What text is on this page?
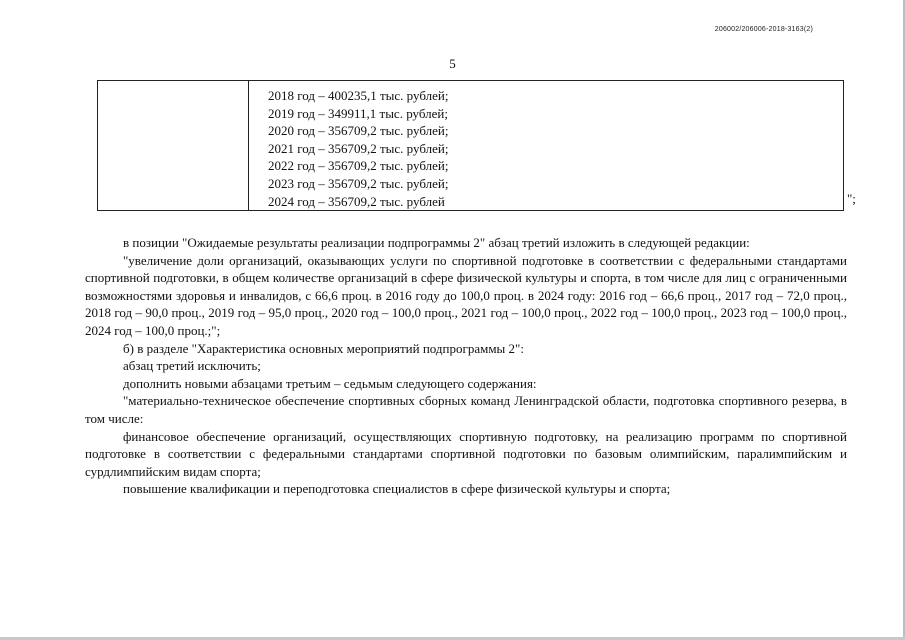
206002/206006-2018-3163(2)
5
2018 год – 400235,1 тыс. рублей;
2019 год – 349911,1 тыс. рублей;
2020 год – 356709,2 тыс. рублей;
2021 год – 356709,2 тыс. рублей;
2022 год – 356709,2 тыс. рублей;
2023 год – 356709,2 тыс. рублей;
2024 год – 356709,2 тыс. рублей	";

в позиции "Ожидаемые результаты реализации подпрограммы 2" абзац третий изложить в следующей редакции:

"увеличение доли организаций, оказывающих услуги по спортивной подготовке в соответствии с федеральными стандартами спортивной подготовки, в общем количестве организаций в сфере физической культуры и спорта, в том числе для лиц с ограниченными возможностями здоровья и инвалидов, с 66,6 проц. в 2016 году до 100,0 проц. в 2024 году: 2016 год – 66,6 проц., 2017 год – 72,0 проц., 2018 год – 90,0 проц., 2019 год – 95,0 проц., 2020 год – 100,0 проц., 2021 год – 100,0 проц., 2022 год – 100,0 проц., 2023 год – 100,0 проц., 2024 год – 100,0 проц.;";

б) в разделе "Характеристика основных мероприятий подпрограммы 2":

абзац третий исключить;

дополнить новыми абзацами третьим – седьмым следующего содержания:

"материально-техническое обеспечение спортивных сборных команд Ленинградской области, подготовка спортивного резерва, в том числе:

финансовое обеспечение организаций, осуществляющих спортивную подготовку, на реализацию программ по спортивной подготовке в соответствии с федеральными стандартами спортивной подготовки по базовым олимпийским, паралимпийским и сурдлимпийским видам спорта;

повышение квалификации и переподготовка специалистов в сфере физической культуры и спорта;
